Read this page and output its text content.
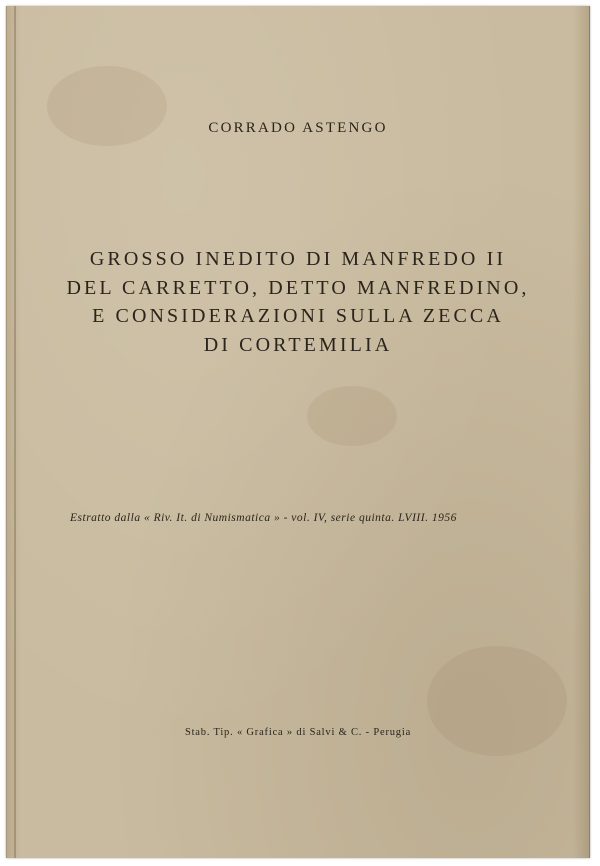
CORRADO ASTENGO
GROSSO INEDITO DI MANFREDO II
DEL CARRETTO, DETTO MANFREDINO,
E CONSIDERAZIONI SULLA ZECCA
DI CORTEMILIA
Estratto dalla « Riv. It. di Numismatica » - vol. IV, serie quinta. LVIII. 1956
Stab. Tip. « Grafica » di Salvi & C. - Perugia
